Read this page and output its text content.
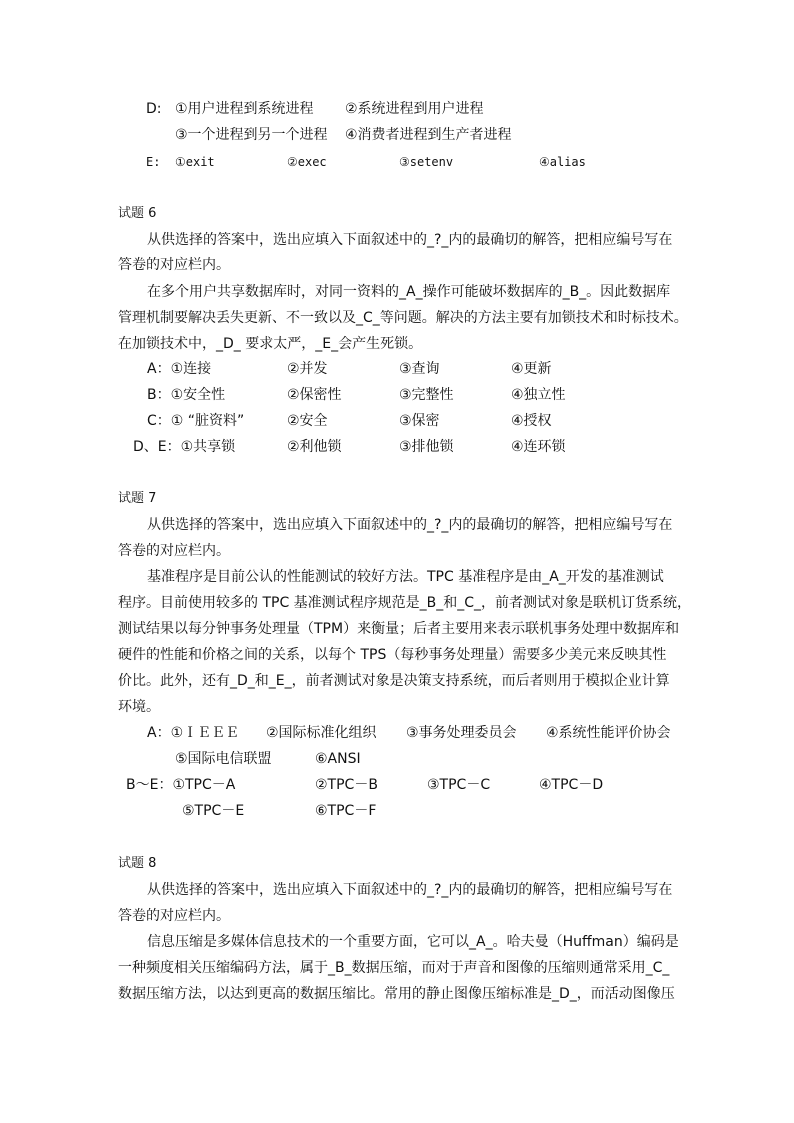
D: ①用户进程到系统进程 ②系统进程到用户进程
③一个进程到另一个进程 ④消费者进程到生产者进程
E: ①exit	②exec	③setenv	④alias
试题 6
从供选择的答案中，选出应填入下面叙述中的_?_内的最确切的解答，把相应编号写在
答卷的对应栏内。
在多个用户共享数据库时，对同一资料的_A_操作可能破坏数据库的_B_。因此数据库
管理机制要解决丢失更新、不一致以及_C_等问题。解决的方法主要有加锁技术和时标技术。
在加锁技术中，_D_ 要求太严，_E_会产生死锁。
A：①连接	②并发	③查询	④更新
B：①安全性	②保密性	③完整性	④独立性
C：① “脏资料”	②安全	③保密	④授权
D、E：①共享锁	②利他锁	③排他锁	④连环锁
试题 7
从供选择的答案中，选出应填入下面叙述中的_?_内的最确切的解答，把相应编号写在
答卷的对应栏内。
基准程序是目前公认的性能测试的较好方法。TPC 基准程序是由_A_开发的基准测试
程序。目前使用较多的 TPC 基准测试程序规范是_B_和_C_，前者测试对象是联机订货系统，
测试结果以每分钟事务处理量（TPM）来衡量；后者主要用来表示联机事务处理中数据库和
硬件的性能和价格之间的关系，以每个 TPS（每秒事务处理量）需要多少美元来反映其性
价比。此外，还有_D_和_E_，前者测试对象是决策支持系统，而后者则用于模拟企业计算
环境。
A：①ＩＥＥＥ ②国际标准化组织 ③事务处理委员会 ④系统性能评价协会
⑤国际电信联盟	⑥ANSI
B～E：①TPC－A	②TPC－B	③TPC－C	④TPC－D
⑤TPC－E	⑥TPC－F
试题 8
从供选择的答案中，选出应填入下面叙述中的_?_内的最确切的解答，把相应编号写在
答卷的对应栏内。
信息压缩是多媒体信息技术的一个重要方面，它可以_A_。哈夫曼（Huffman）编码是
一种频度相关压缩编码方法，属于_B_数据压缩，而对于声音和图像的压缩则通常采用_C_
数据压缩方法，以达到更高的数据压缩比。常用的静止图像压缩标准是_D_，而活动图像压
